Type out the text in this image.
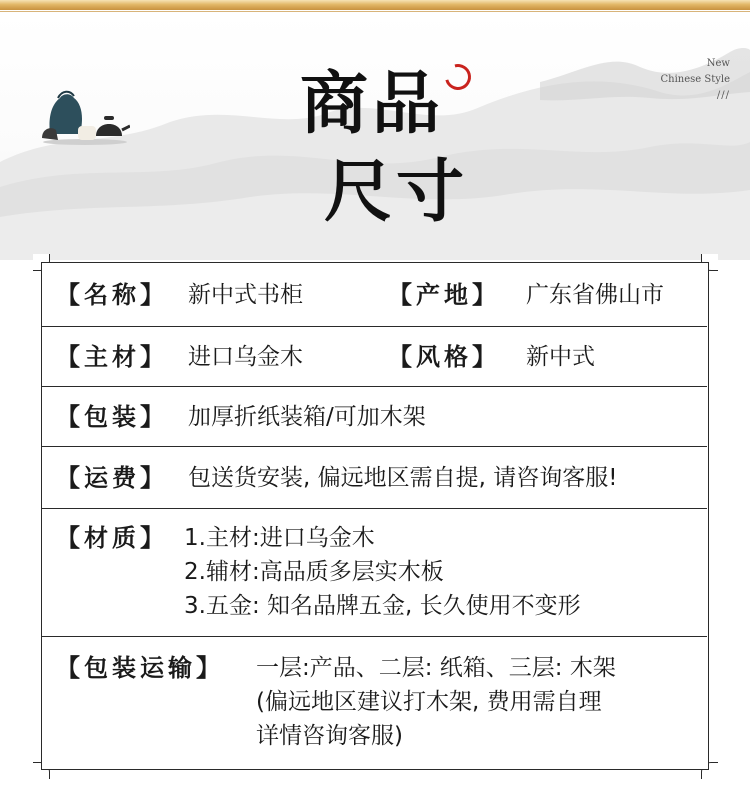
商品
尺寸
New
Chinese Style
///
【名称】 新中式书柜	【产地】 广东省佛山市
【主材】 进口乌金木	【风格】 新中式
【包装】 加厚折纸装箱/可加木架
【运费】 包送货安装, 偏远地区需自提, 请咨询客服!
【材质】 1.主材:进口乌金木
2.辅材:高品质多层实木板
3.五金: 知名品牌五金, 长久使用不变形
【包装运输】 一层:产品、二层: 纸箱、三层: 木架
(偏远地区建议打木架, 费用需自理
详情咨询客服)
